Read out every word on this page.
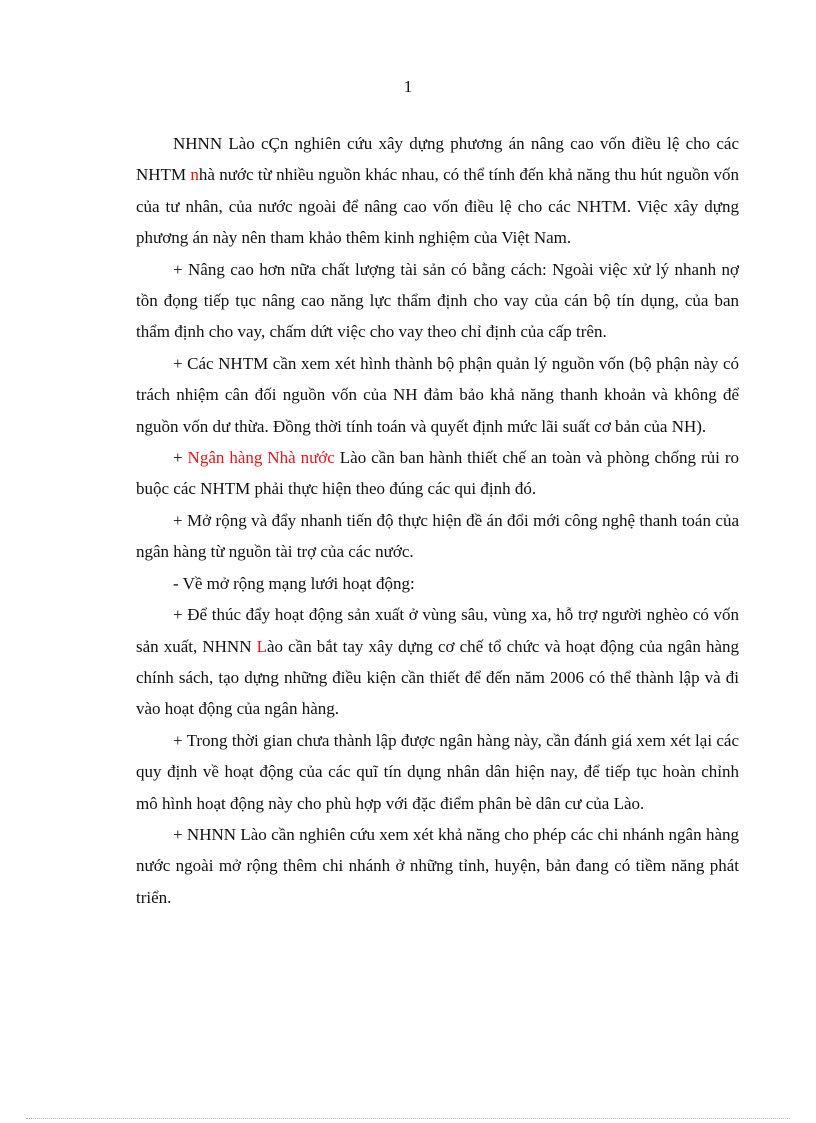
1

NHNN Lào cÇn nghiên cứu xây dựng phương án nâng cao vốn điều lệ cho các NHTM nhà nước từ nhiều nguồn khác nhau, có thể tính đến khả năng thu hút nguồn vốn của tư nhân, của nước ngoài để nâng cao vốn điều lệ cho các NHTM. Việc xây dựng phương án này nên tham khảo thêm kinh nghiệm của Việt Nam.

+ Nâng cao hơn nữa chất lượng tài sản có bằng cách: Ngoài việc xử lý nhanh nợ tồn đọng tiếp tục nâng cao năng lực thẩm định cho vay của cán bộ tín dụng, của ban thẩm định cho vay, chấm dứt việc cho vay theo chỉ định của cấp trên.

+ Các NHTM cần xem xét hình thành bộ phận quản lý nguồn vốn (bộ phận này có trách nhiệm cân đối nguồn vốn của NH đảm bảo khả năng thanh khoản và không để nguồn vốn dư thừa. Đồng thời tính toán và quyết định mức lãi suất cơ bản của NH).

+ Ngân hàng Nhà nước Lào cần ban hành thiết chế an toàn và phòng chống rủi ro buộc các NHTM phải thực hiện theo đúng các qui định đó.

+ Mở rộng và đẩy nhanh tiến độ thực hiện đề án đổi mới công nghệ thanh toán của ngân hàng từ nguồn tài trợ của các nước.

- Về mở rộng mạng lưới hoạt động:

+ Để thúc đẩy hoạt động sản xuất ở vùng sâu, vùng xa, hỗ trợ người nghèo có vốn sản xuất, NHNN Lào cần bắt tay xây dựng cơ chế tổ chức và hoạt động của ngân hàng chính sách, tạo dựng những điều kiện cần thiết để đến năm 2006 có thể thành lập và đi vào hoạt động của ngân hàng.

+ Trong thời gian chưa thành lập được ngân hàng này, cần đánh giá xem xét lại các quy định về hoạt động của các quĩ tín dụng nhân dân hiện nay, để tiếp tục hoàn chỉnh mô hình hoạt động này cho phù hợp với đặc điểm phân bè dân cư của Lào.

+ NHNN Lào cần nghiên cứu xem xét khả năng cho phép các chi nhánh ngân hàng nước ngoài mở rộng thêm chi nhánh ở những tỉnh, huyện, bản đang có tiềm năng phát triển.
